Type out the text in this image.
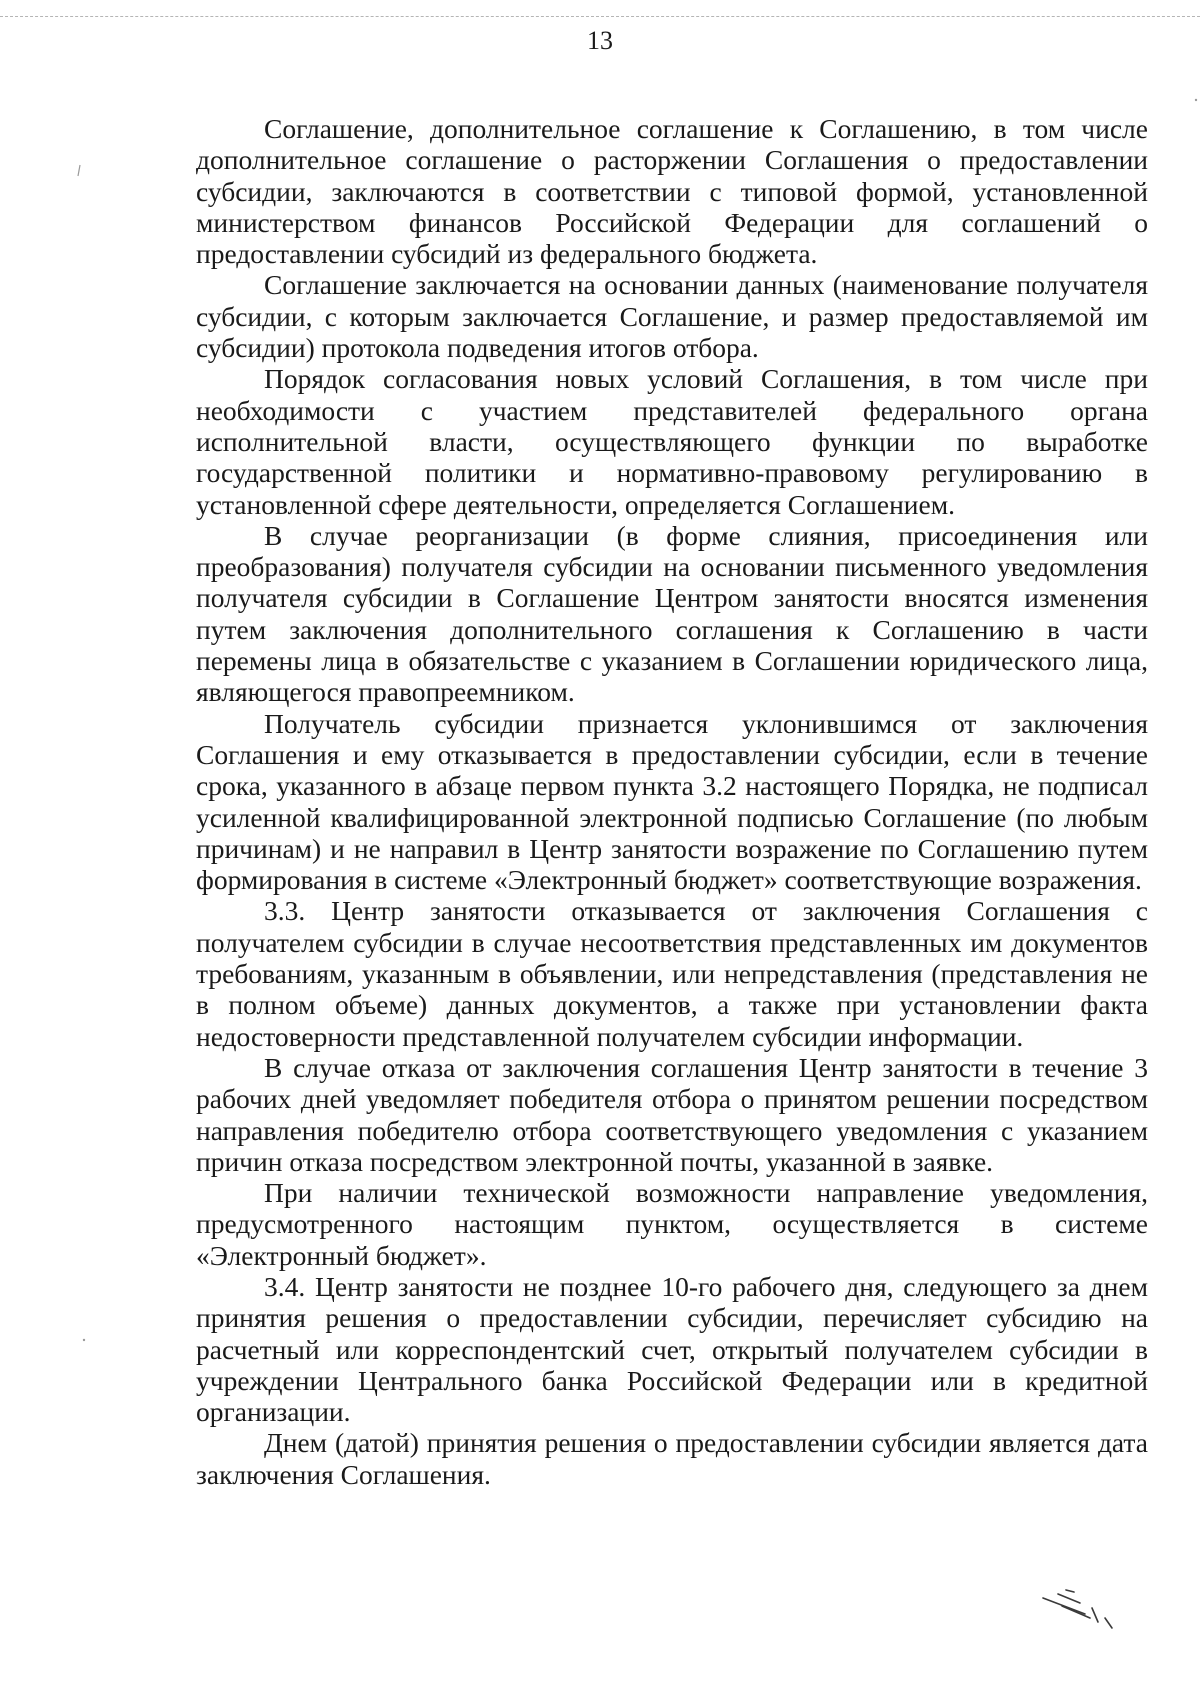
13

Соглашение, дополнительное соглашение к Соглашению, в том числе дополнительное соглашение о расторжении Соглашения о предоставлении субсидии, заключаются в соответствии с типовой формой, установленной министерством финансов Российской Федерации для соглашений о предоставлении субсидий из федерального бюджета.

Соглашение заключается на основании данных (наименование получателя субсидии, с которым заключается Соглашение, и размер предоставляемой им субсидии) протокола подведения итогов отбора.

Порядок согласования новых условий Соглашения, в том числе при необходимости с участием представителей федерального органа исполнительной власти, осуществляющего функции по выработке государственной политики и нормативно-правовому регулированию в установленной сфере деятельности, определяется Соглашением.

В случае реорганизации (в форме слияния, присоединения или преобразования) получателя субсидии на основании письменного уведомления получателя субсидии в Соглашение Центром занятости вносятся изменения путем заключения дополнительного соглашения к Соглашению в части перемены лица в обязательстве с указанием в Соглашении юридического лица, являющегося правопреемником.

Получатель субсидии признается уклонившимся от заключения Соглашения и ему отказывается в предоставлении субсидии, если в течение срока, указанного в абзаце первом пункта 3.2 настоящего Порядка, не подписал усиленной квалифицированной электронной подписью Соглашение (по любым причинам) и не направил в Центр занятости возражение по Соглашению путем формирования в системе «Электронный бюджет» соответствующие возражения.

3.3. Центр занятости отказывается от заключения Соглашения с получателем субсидии в случае несоответствия представленных им документов требованиям, указанным в объявлении, или непредставления (представления не в полном объеме) данных документов, а также при установлении факта недостоверности представленной получателем субсидии информации.

В случае отказа от заключения соглашения Центр занятости в течение 3 рабочих дней уведомляет победителя отбора о принятом решении посредством направления победителю отбора соответствующего уведомления с указанием причин отказа посредством электронной почты, указанной в заявке.

При наличии технической возможности направление уведомления, предусмотренного настоящим пунктом, осуществляется в системе «Электронный бюджет».

3.4. Центр занятости не позднее 10-го рабочего дня, следующего за днем принятия решения о предоставлении субсидии, перечисляет субсидию на расчетный или корреспондентский счет, открытый получателем субсидии в учреждении Центрального банка Российской Федерации или в кредитной организации.

Днем (датой) принятия решения о предоставлении субсидии является дата заключения Соглашения.
